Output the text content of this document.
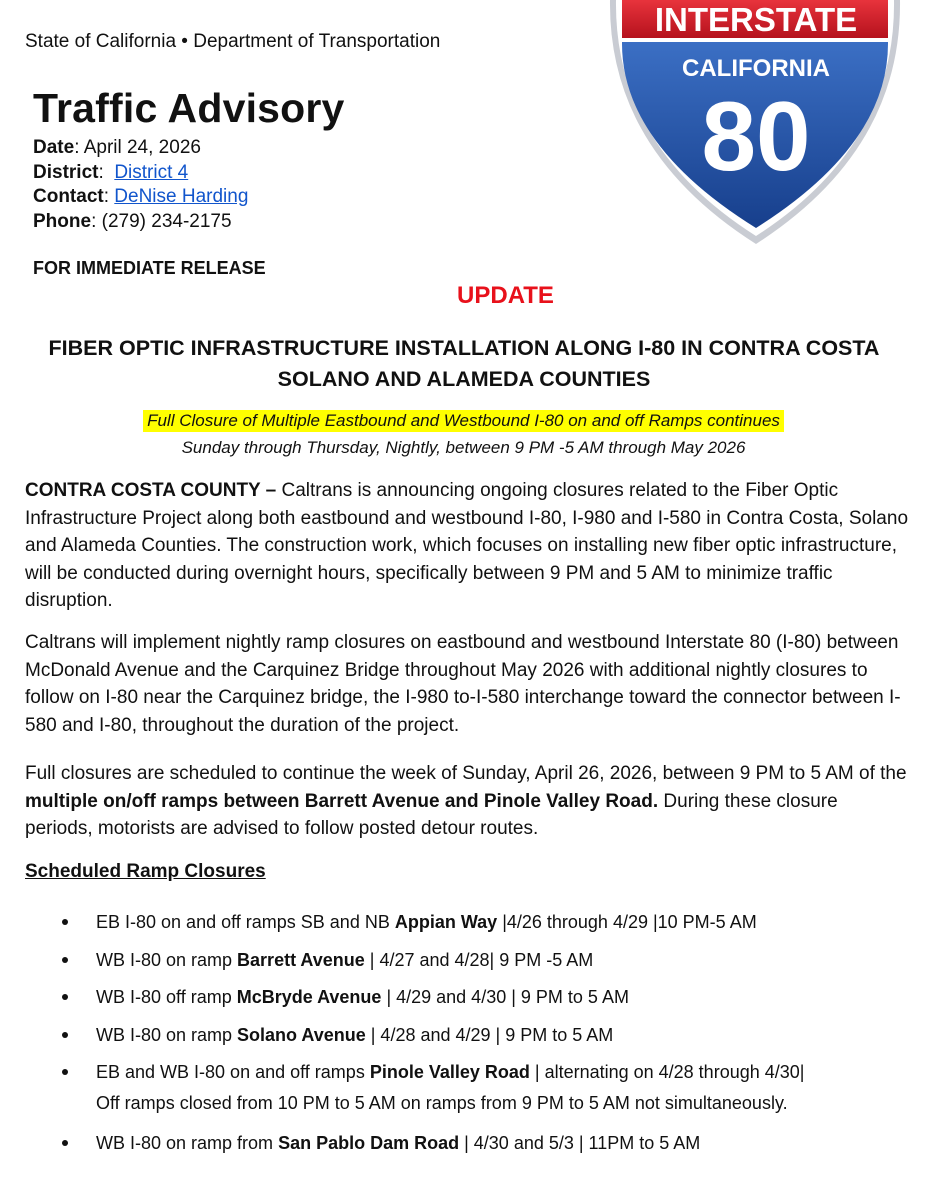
State of California • Department of Transportation
Traffic Advisory
Date: April 24, 2026
District:  District 4
Contact: DeNise Harding
Phone: (279) 234-2175
INTERSTATE
CALIFORNIA
80
FOR IMMEDIATE RELEASE
UPDATE
FIBER OPTIC INFRASTRUCTURE INSTALLATION ALONG I-80 IN CONTRA COSTA SOLANO AND ALAMEDA COUNTIES
Full Closure of Multiple Eastbound and Westbound I-80 on and off Ramps continues
Sunday through Thursday, Nightly, between 9 PM -5 AM through May 2026
CONTRA COSTA COUNTY – Caltrans is announcing ongoing closures related to the Fiber Optic Infrastructure Project along both eastbound and westbound I-80, I-980 and I-580 in Contra Costa, Solano and Alameda Counties. The construction work, which focuses on installing new fiber optic infrastructure, will be conducted during overnight hours, specifically between 9 PM and 5 AM to minimize traffic disruption.
Caltrans will implement nightly ramp closures on eastbound and westbound Interstate 80 (I-80) between McDonald Avenue and the Carquinez Bridge throughout May 2026 with additional nightly closures to follow on I-80 near the Carquinez bridge, the I-980 to-I-580 interchange toward the connector between I-580 and I-80, throughout the duration of the project.
Full closures are scheduled to continue the week of Sunday, April 26, 2026, between 9 PM to 5 AM of the multiple on/off ramps between Barrett Avenue and Pinole Valley Road. During these closure periods, motorists are advised to follow posted detour routes.
Scheduled Ramp Closures
EB I-80 on and off ramps SB and NB Appian Way |4/26 through 4/29 |10 PM-5 AM
WB I-80 on ramp Barrett Avenue | 4/27 and 4/28| 9 PM -5 AM
WB I-80 off ramp McBryde Avenue | 4/29 and 4/30 | 9 PM to 5 AM
WB I-80 on ramp Solano Avenue | 4/28 and 4/29 | 9 PM to 5 AM
EB and WB I-80 on and off ramps Pinole Valley Road | alternating on 4/28 through 4/30|
Off ramps closed from 10 PM to 5 AM on ramps from 9 PM to 5 AM not simultaneously.
WB I-80 on ramp from San Pablo Dam Road | 4/30 and 5/3 | 11PM to 5 AM
